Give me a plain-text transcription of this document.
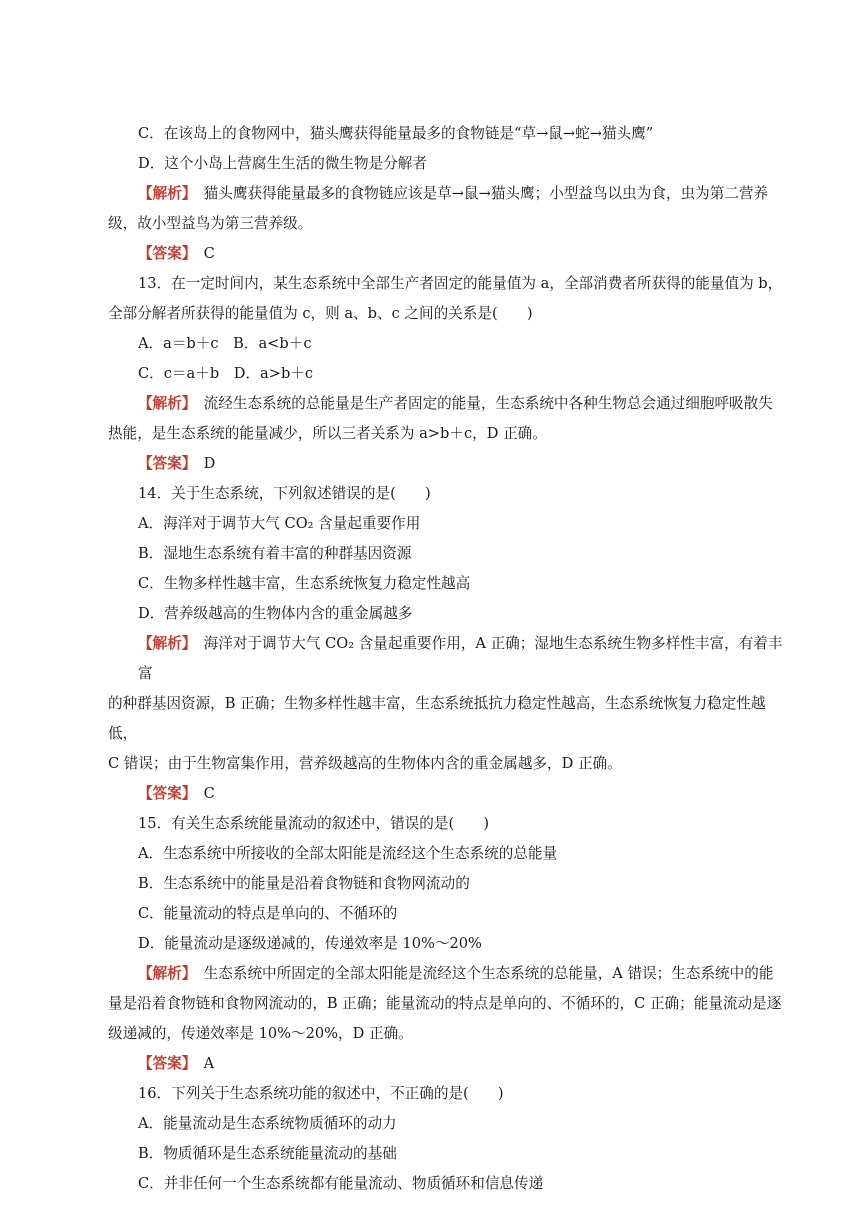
C．在该岛上的食物网中，猫头鹰获得能量最多的食物链是“草→鼠→蛇→猫头鹰”
D．这个小岛上营腐生生活的微生物是分解者
【解析】　猫头鹰获得能量最多的食物链应该是草→鼠→猫头鹰；小型益鸟以虫为食，虫为第二营养
级，故小型益鸟为第三营养级。
【答案】　C
13．在一定时间内，某生态系统中全部生产者固定的能量值为 a，全部消费者所获得的能量值为 b，
全部分解者所获得的能量值为 c，则 a、b、c 之间的关系是(　　)
A．a＝b＋c　B．a<b＋c
C．c＝a＋b　D．a>b＋c
【解析】　流经生态系统的总能量是生产者固定的能量，生态系统中各种生物总会通过细胞呼吸散失
热能，是生态系统的能量减少，所以三者关系为 a>b＋c，D 正确。
【答案】　D
14．关于生态系统，下列叙述错误的是(　　)
A．海洋对于调节大气 CO₂ 含量起重要作用
B．湿地生态系统有着丰富的种群基因资源
C．生物多样性越丰富，生态系统恢复力稳定性越高
D．营养级越高的生物体内含的重金属越多
【解析】　海洋对于调节大气 CO₂ 含量起重要作用，A 正确；湿地生态系统生物多样性丰富，有着丰富
的种群基因资源，B 正确；生物多样性越丰富，生态系统抵抗力稳定性越高，生态系统恢复力稳定性越低，
C 错误；由于生物富集作用，营养级越高的生物体内含的重金属越多，D 正确。
【答案】　C
15．有关生态系统能量流动的叙述中，错误的是(　　)
A．生态系统中所接收的全部太阳能是流经这个生态系统的总能量
B．生态系统中的能量是沿着食物链和食物网流动的
C．能量流动的特点是单向的、不循环的
D．能量流动是逐级递减的，传递效率是 10%～20%
【解析】　生态系统中所固定的全部太阳能是流经这个生态系统的总能量，A 错误；生态系统中的能
量是沿着食物链和食物网流动的，B 正确；能量流动的特点是单向的、不循环的，C 正确；能量流动是逐
级递减的，传递效率是 10%～20%，D 正确。
【答案】　A
16．下列关于生态系统功能的叙述中，不正确的是(　　)
A．能量流动是生态系统物质循环的动力
B．物质循环是生态系统能量流动的基础
C．并非任何一个生态系统都有能量流动、物质循环和信息传递
